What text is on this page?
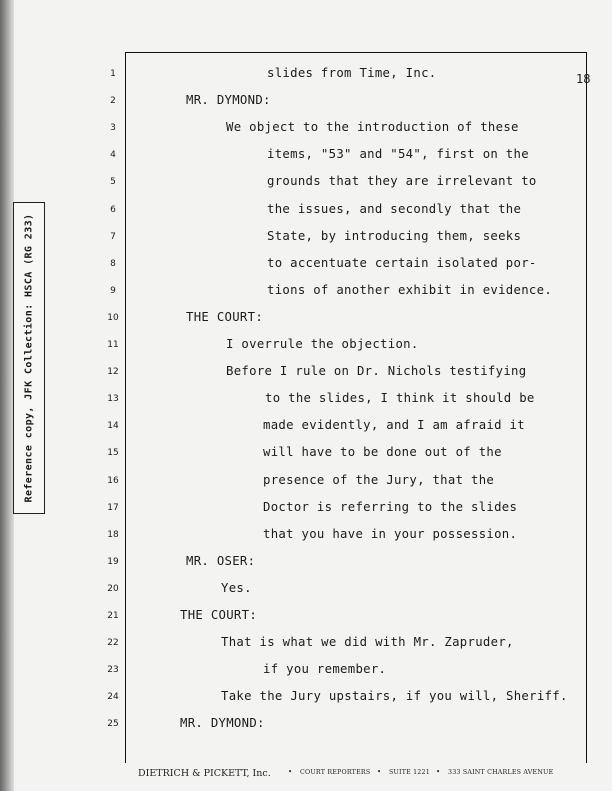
Reference copy, JFK Collection: HSCA (RG 233)
18
1	slides from Time, Inc.
2	MR. DYMOND:
3	We object to the introduction of these
4	items, "53" and "54", first on the
5	grounds that they are irrelevant to
6	the issues, and secondly that the
7	State, by introducing them, seeks
8	to accentuate certain isolated por-
9	tions of another exhibit in evidence.
10	THE COURT:
11	I overrule the objection.
12	Before I rule on Dr. Nichols testifying
13	to the slides, I think it should be
14	made evidently, and I am afraid it
15	will have to be done out of the
16	presence of the Jury, that the
17	Doctor is referring to the slides
18	that you have in your possession.
19	MR. OSER:
20	Yes.
21	THE COURT:
22	That is what we did with Mr. Zapruder,
23	if you remember.
24	Take the Jury upstairs, if you will, Sheriff.
25	MR. DYMOND:
DIETRICH & PICKETT, Inc. • COURT REPORTERS • SUITE 1221 • 333 SAINT CHARLES AVENUE
